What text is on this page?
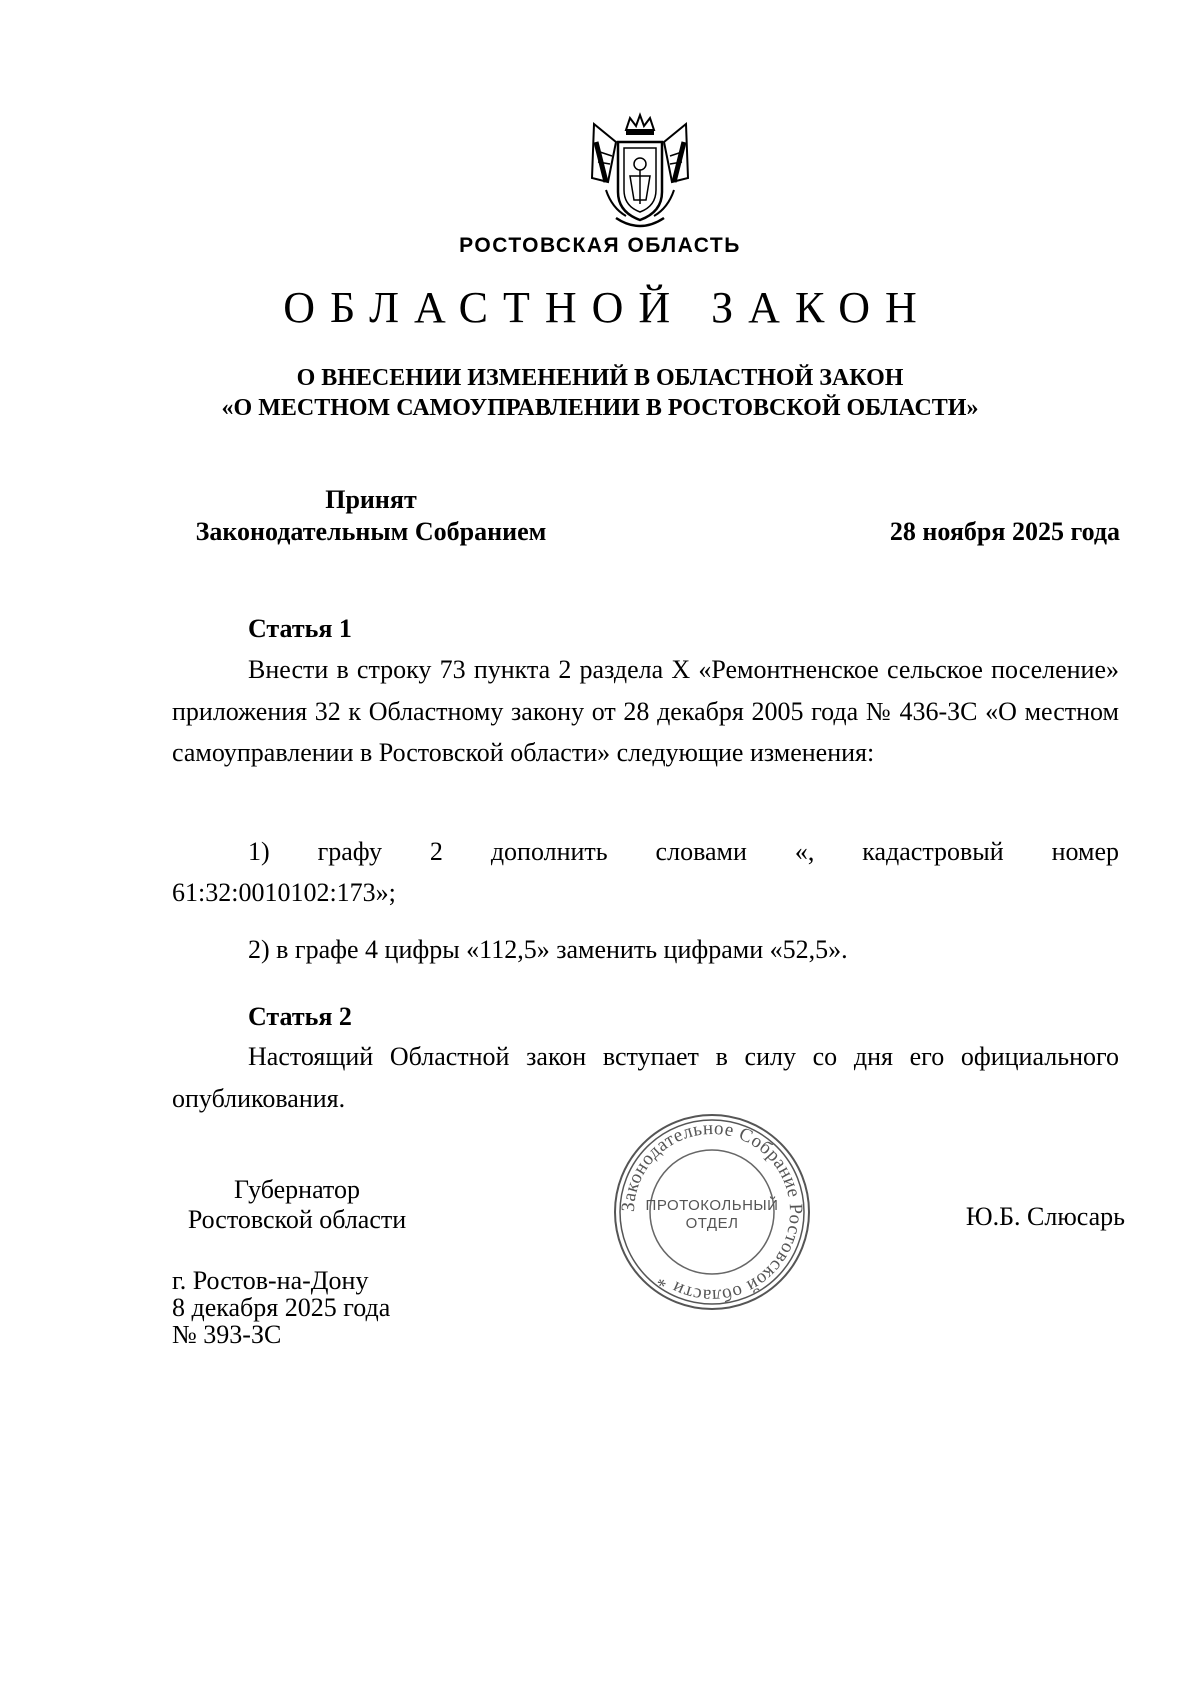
РОСТОВСКАЯ ОБЛАСТЬ
ОБЛАСТНОЙ ЗАКОН
О ВНЕСЕНИИ ИЗМЕНЕНИЙ В ОБЛАСТНОЙ ЗАКОН
«О МЕСТНОМ САМОУПРАВЛЕНИИ В РОСТОВСКОЙ ОБЛАСТИ»
Принят
Законодательным Собранием	28 ноября 2025 года
Статья 1
Внести в строку 73 пункта 2 раздела X «Ремонтненское сельское поселение» приложения 32 к Областному закону от 28 декабря 2005 года № 436-ЗС «О местном самоуправлении в Ростовской области» следующие изменения:
1) графу 2 дополнить словами «, кадастровый номер
61:32:0010102:173»;
2) в графе 4 цифры «112,5» заменить цифрами «52,5».
Статья 2
Настоящий Областной закон вступает в силу со дня его официального опубликования.
Губернатор
Ростовской области	Ю.Б. Слюсарь
Законодательное Собрание Ростовской области *
ПРОТОКОЛЬНЫЙ
ОТДЕЛ
г. Ростов-на-Дону
8 декабря 2025 года
№ 393-ЗС
